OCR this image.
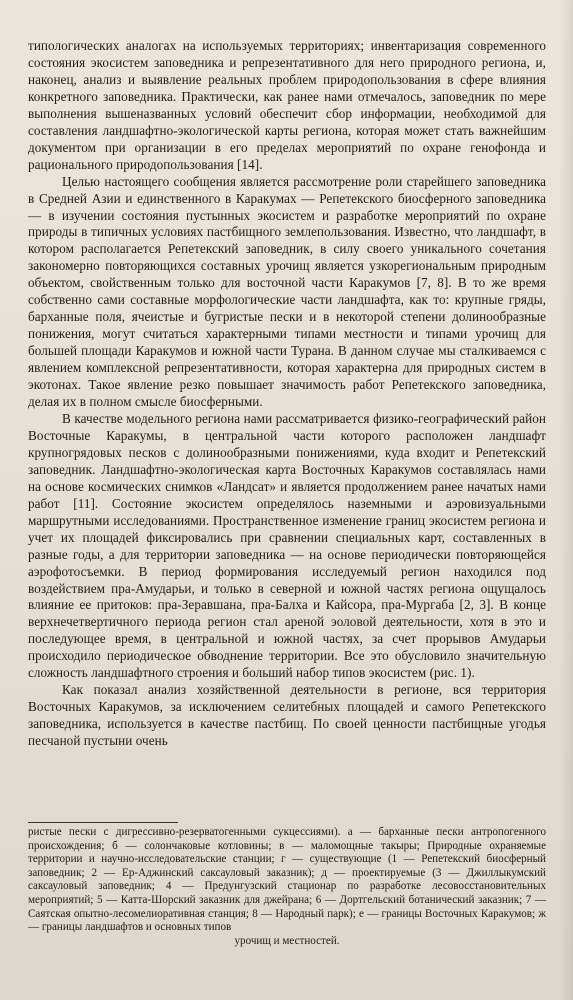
типологических аналогах на используемых территориях; инвентаризация современного состояния экосистем заповедника и репрезентативного для него природного региона, и, наконец, анализ и выявление реальных проблем природопользования в сфере влияния конкретного заповедника. Практически, как ранее нами отмечалось, заповедник по мере выполнения вышеназванных условий обеспечит сбор информации, необходимой для составления ландшафтно-экологической карты региона, которая может стать важнейшим документом при организации в его пределах мероприятий по охране генофонда и рационального природопользования [14].

Целью настоящего сообщения является рассмотрение роли старейшего заповедника в Средней Азии и единственного в Каракумах — Репетекского биосферного заповедника — в изучении состояния пустынных экосистем и разработке мероприятий по охране природы в типичных условиях пастбищного землепользования. Известно, что ландшафт, в котором располагается Репетекский заповедник, в силу своего уникального сочетания закономерно повторяющихся составных урочищ является узкорегиональным природным объектом, свойственным только для восточной части Каракумов [7, 8]. В то же время собственно сами составные морфологические части ландшафта, как то: крупные гряды, барханные поля, ячеистые и бугристые пески и в некоторой степени долинообразные понижения, могут считаться характерными типами местности и типами урочищ для большей площади Каракумов и южной части Турана. В данном случае мы сталкиваемся с явлением комплексной репрезентативности, которая характерна для природных систем в экотонах. Такое явление резко повышает значимость работ Репетекского заповедника, делая их в полном смысле биосферными.

В качестве модельного региона нами рассматривается физико-географический район Восточные Каракумы, в центральной части которого расположен ландшафт крупногрядовых песков с долинообразными понижениями, куда входит и Репетекский заповедник. Ландшафтно-экологическая карта Восточных Каракумов составлялась нами на основе космических снимков «Ландсат» и является продолжением ранее начатых нами работ [11]. Состояние экосистем определялось наземными и аэровизуальными маршрутными исследованиями. Пространственное изменение границ экосистем региона и учет их площадей фиксировались при сравнении специальных карт, составленных в разные годы, а для территории заповедника — на основе периодически повторяющейся аэрофотосъемки. В период формирования исследуемый регион находился под воздействием пра-Амударьи, и только в северной и южной частях региона ощущалось влияние ее притоков: пра-Зеравшана, пра-Балха и Кайсора, пра-Мургаба [2, 3]. В конце верхнечетвертичного периода регион стал ареной эоловой деятельности, хотя в это и последующее время, в центральной и южной частях, за счет прорывов Амударьи происходило периодическое обводнение территории. Все это обусловило значительную сложность ландшафтного строения и больший набор типов экосистем (рис. 1).

Как показал анализ хозяйственной деятельности в регионе, вся территория Восточных Каракумов, за исключением селитебных площадей и самого Репетекского заповедника, используется в качестве пастбищ. По своей ценности пастбищные угодья песчаной пустыни очень

ристые пески с дигрессивно-резерватогенными сукцессиями). а — барханные пески антропогенного происхождения; б — солончаковые котловины; в — маломощные такыры; Природные охраняемые территории и научно-исследовательские станции; г — существующие (1 — Репетекский биосферный заповедник; 2 — Ер-Аджинский саксауловый заказник); д — проектируемые (3 — Джиллыкумский саксауловый заповедник; 4 — Предунгузский стационар по разработке лесовосстановительных мероприятий; 5 — Катта-Шорский заказник для джейрана; 6 — Дортгельский ботанический заказник; 7 — Саятская опытно-лесомелиоративная станция; 8 — Народный парк); е — границы Восточных Каракумов; ж — границы ландшафтов и основных типов

урочищ и местностей.
